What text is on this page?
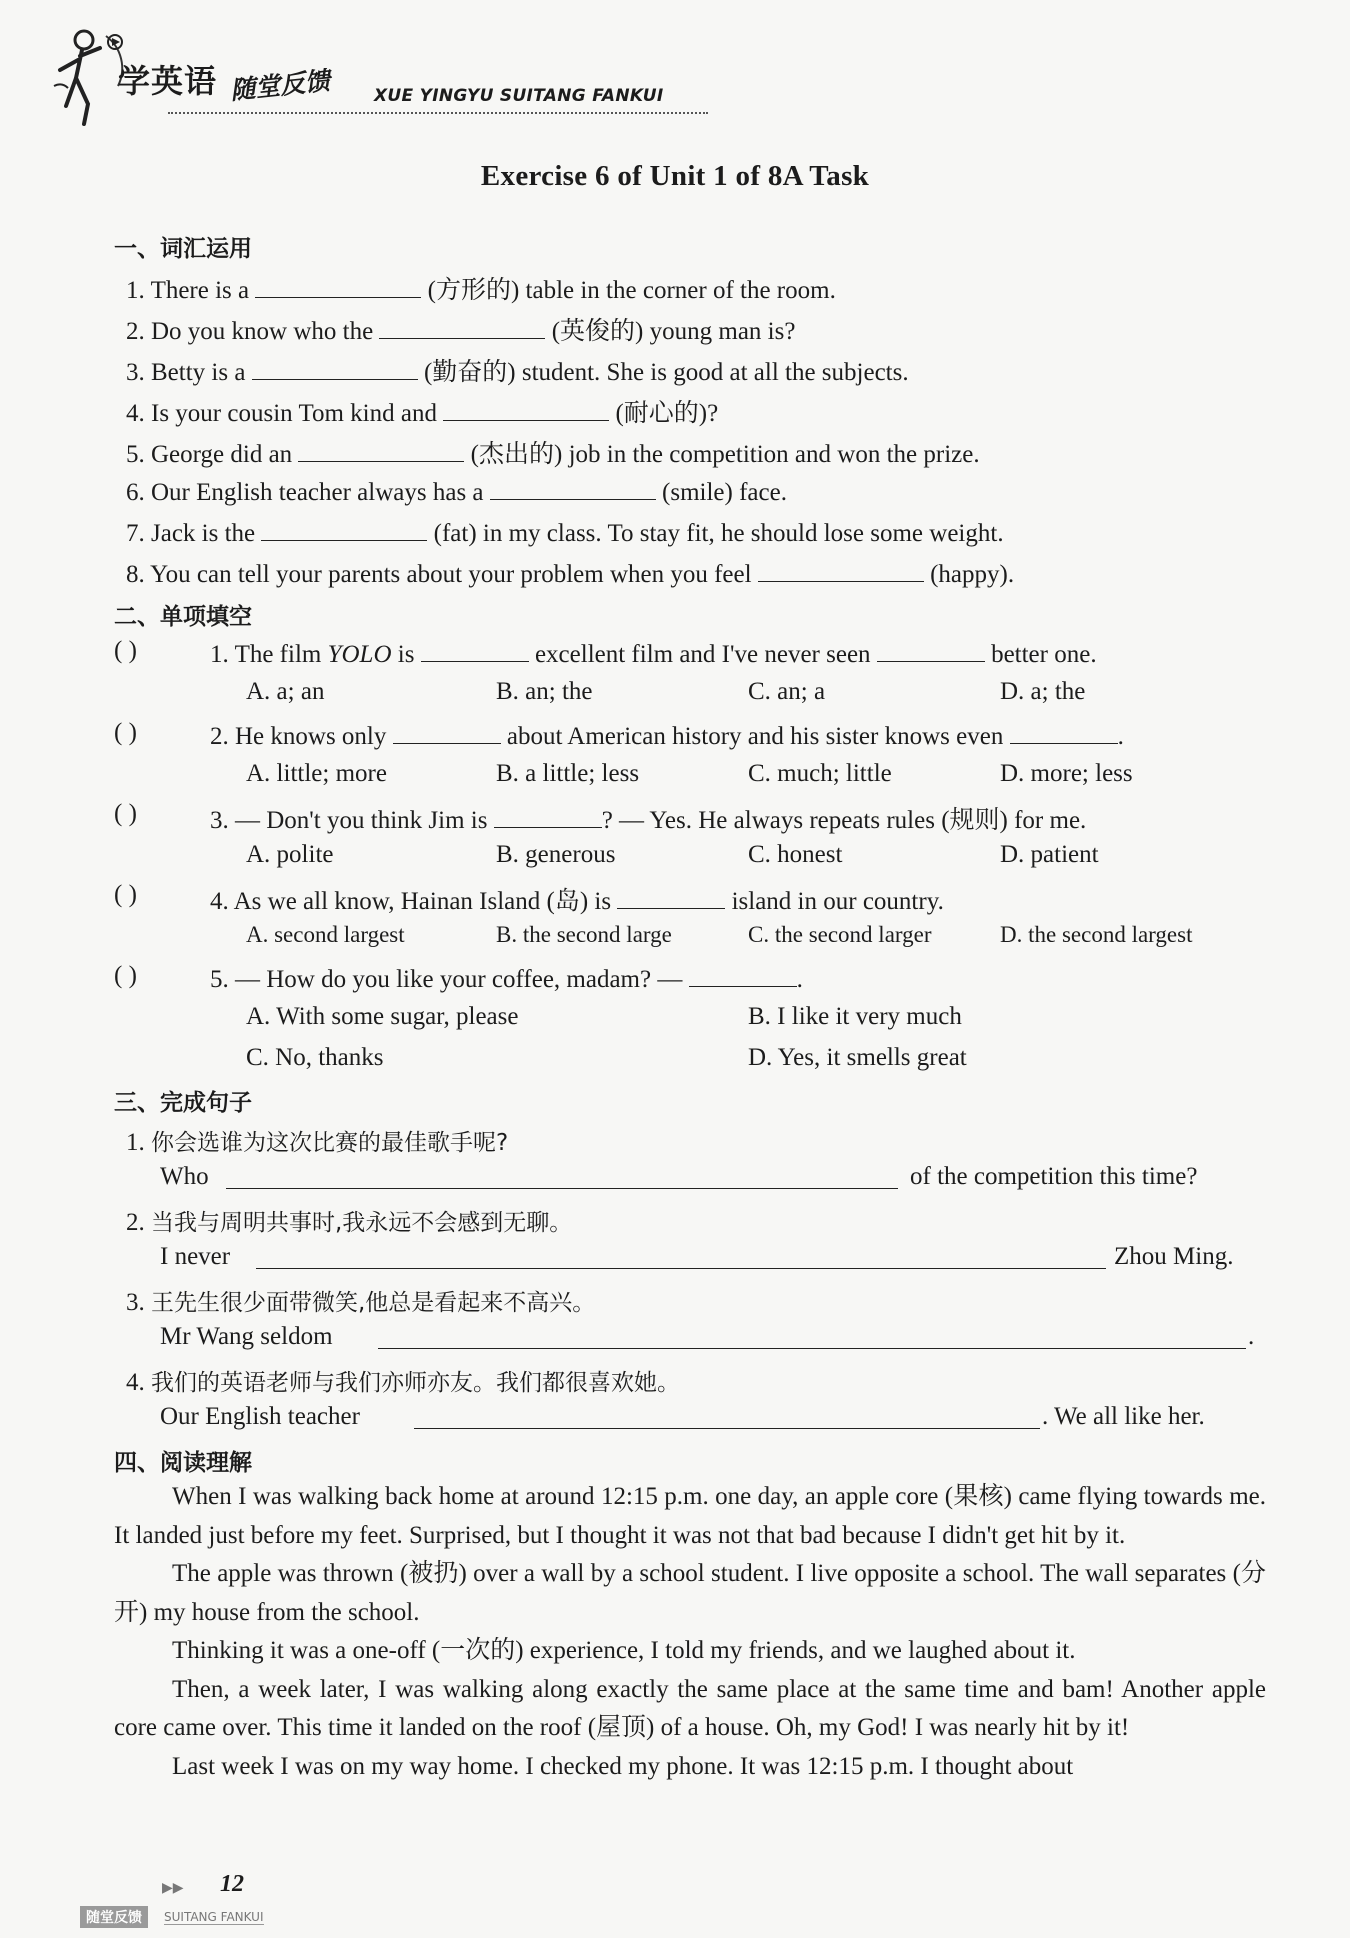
学英语 随堂反馈	XUE YINGYU SUITANG FANKUI
Exercise 6 of Unit 1 of 8A Task
一、词汇运用
1. There is a	(方形的) table in the corner of the room.
2. Do you know who the	(英俊的) young man is?
3. Betty is a	(勤奋的) student. She is good at all the subjects.
4. Is your cousin Tom kind and	(耐心的)?
5. George did an	(杰出的) job in the competition and won the prize.
6. Our English teacher always has a	(smile) face.
7. Jack is the	(fat) in my class. To stay fit, he should lose some weight.
8. You can tell your parents about your problem when you feel	(happy).
二、单项填空
( )	1. The film YOLO is	excellent film and I've never seen	better one.
A. a; an	B. an; the	C. an; a	D. a; the
( )	2. He knows only	about American history and his sister knows even	.
A. little; more	B. a little; less	C. much; little	D. more; less
( )	3. — Don't you think Jim is	? — Yes. He always repeats rules (规则) for me.
A. polite	B. generous	C. honest	D. patient
( )	4. As we all know, Hainan Island (岛) is	island in our country.
A. second largest	B. the second large	C. the second larger	D. the second largest
( )	5. — How do you like your coffee, madam? —	.
A. With some sugar, please	B. I like it very much
C. No, thanks	D. Yes, it smells great
三、完成句子
1. 你会选谁为这次比赛的最佳歌手呢?
Who	of the competition this time?
2. 当我与周明共事时,我永远不会感到无聊。
I never	Zhou Ming.
3. 王先生很少面带微笑,他总是看起来不高兴。
Mr Wang seldom	.
4. 我们的英语老师与我们亦师亦友。我们都很喜欢她。
Our English teacher	. We all like her.
四、阅读理解
When I was walking back home at around 12:15 p.m. one day, an apple core (果核) came flying towards me. It landed just before my feet. Surprised, but I thought it was not that bad because I didn't get hit by it.
The apple was thrown (被扔) over a wall by a school student. I live opposite a school. The wall separates (分开) my house from the school.
Thinking it was a one-off (一次的) experience, I told my friends, and we laughed about it.
Then, a week later, I was walking along exactly the same place at the same time and bam! Another apple core came over. This time it landed on the roof (屋顶) of a house. Oh, my God! I was nearly hit by it!
Last week I was on my way home. I checked my phone. It was 12:15 p.m. I thought about
▶▶ 12
随堂反馈	SUITANG FANKUI
